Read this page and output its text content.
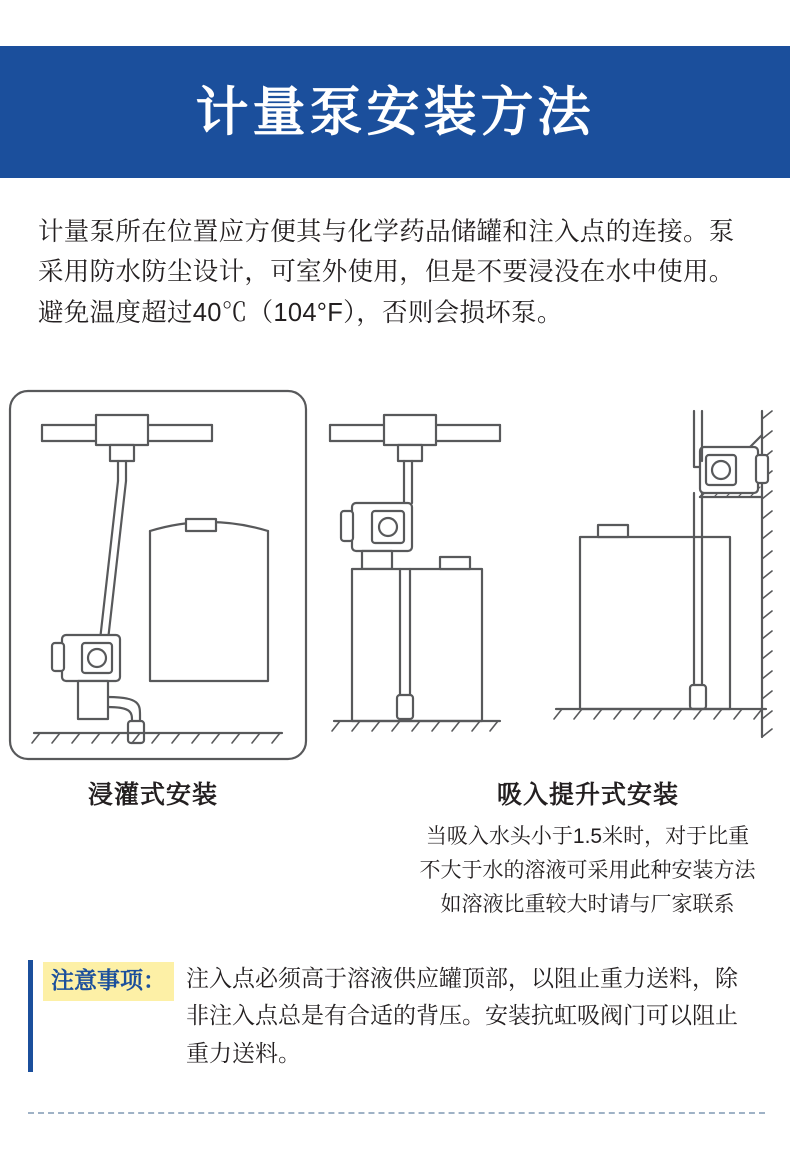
计量泵安装方法
计量泵所在位置应方便其与化学药品储罐和注入点的连接。泵采用防水防尘设计，可室外使用，但是不要浸没在水中使用。避免温度超过40℃（104°F），否则会损坏泵。
浸灌式安装	吸入提升式安装
当吸入水头小于1.5米时，对于比重
不大于水的溶液可采用此种安装方法
如溶液比重较大时请与厂家联系
注意事项： 注入点必须高于溶液供应罐顶部，以阻止重力送料，除非注入点总是有合适的背压。安装抗虹吸阀门可以阻止重力送料。
